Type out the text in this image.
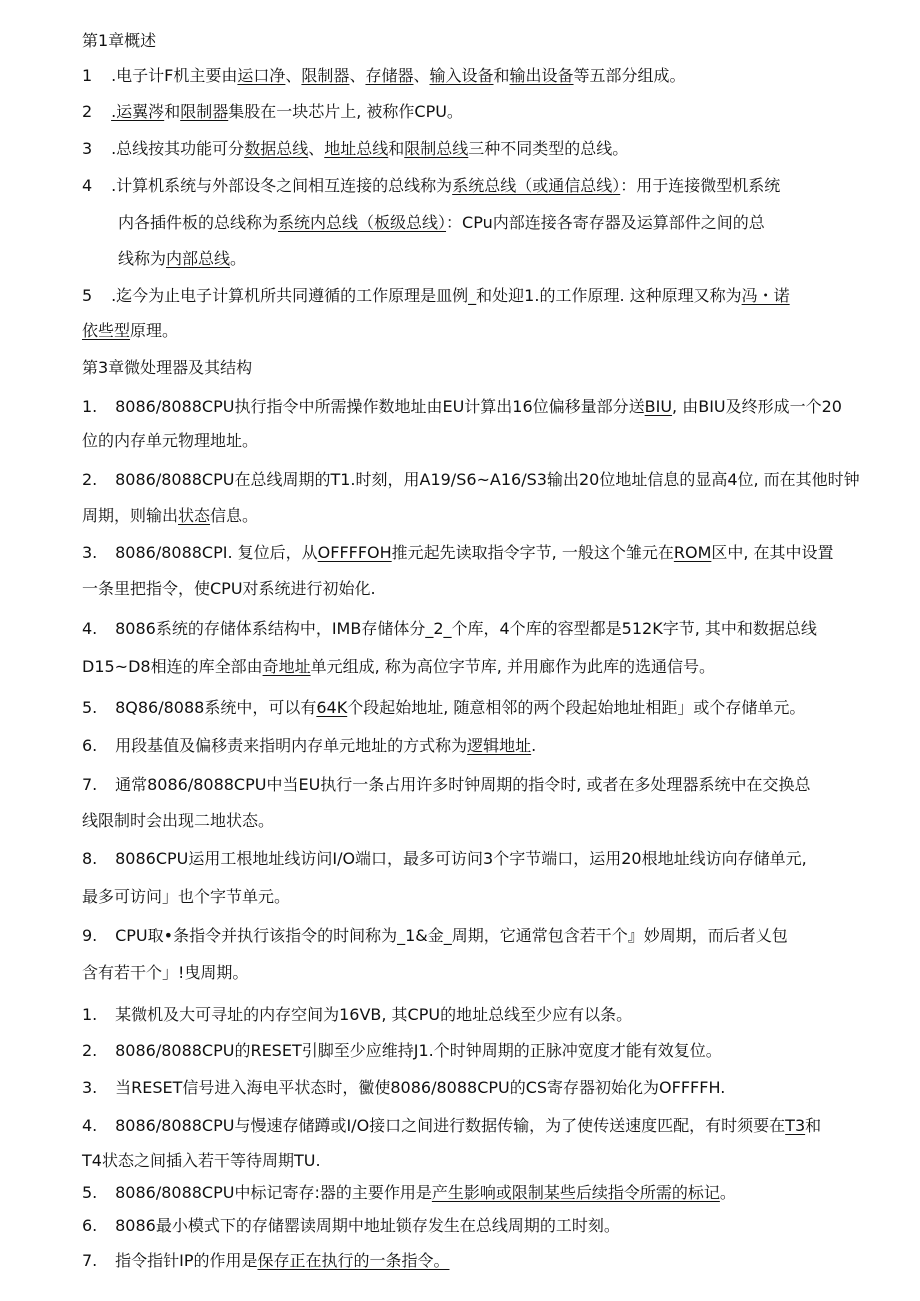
第1章概述
1 .电子计F机主要由运口净、限制器、存储器、输入设备和输出设备等五部分组成。
2 .运翼涔和限制器集股在一块芯片上, 被称作CPU。
3 .总线按其功能可分数据总线、地址总线和限制总线三种不同类型的总线。
4 .计算机系统与外部设冬之间相互连接的总线称为系统总线（或通信总线）：用于连接微型机系统
内各插件板的总线称为系统内总线（板级总线）：CPu内部连接各寄存器及运算部件之间的总
线称为内部总线。
5 .迄今为止电子计算机所共同遵循的工作原理是皿例_和处迎1.的工作原理. 这种原理又称为冯・诺
依些型原理。
第3章微处理器及其结构
1. 8086/8088CPU执行指令中所需操作数地址由EU计算出16位偏移量部分送BIU, 由BIU及终形成一个20
位的内存单元物理地址。
2. 8086/8088CPU在总线周期的T1.时刻，用A19/S6~A16/S3输出20位地址信息的显高4位, 而在其他时钟
周期，则输出状态信息。
3. 8086/8088CPI. 复位后，从OFFFFOH推元起先读取指令字节, 一般这个雏元在ROM区中, 在其中设置
一条里把指令，使CPU对系统进行初始化.
4. 8086系统的存储体系结构中，IMB存储体分_2_个库，4个库的容型都是512K字节, 其中和数据总线
D15~D8相连的库全部由奇地址单元组成, 称为高位字节库, 并用廊作为此库的选通信号。
5. 8Q86/8088系统中，可以有64K个段起始地址, 随意相邻的两个段起始地址相距」或个存储单元。
6. 用段基值及偏移责来指明内存单元地址的方式称为逻辑地址.
7. 通常8086/8088CPU中当EU执行一条占用许多时钟周期的指令时, 或者在多处理器系统中在交换总
线限制时会出现二地状态。
8. 8086CPU运用工根地址线访问I/O端口，最多可访问3个字节端口，运用20根地址线访向存储单元,
最多可访问」也个字节单元。
9. CPU取•条指令并执行该指令的时间称为_1&金_周期，它通常包含若干个』妙周期，而后者乂包
含有若干个」!曳周期。
1. 某微机及大可寻址的内存空间为16VB, 其CPU的地址总线至少应有以条。
2. 8086/8088CPU的RESET引脚至少应维持J1.个时钟周期的正脉冲宽度才能有效复位。
3. 当RESET信号进入海电平状态时，黴使8086/8088CPU的CS寄存器初始化为OFFFFH.
4. 8086/8088CPU与慢速存储蹲或I/O接口之间进行数据传输，为了使传送速度匹配，有时须要在T3和
T4状态之间插入若干等待周期TU.
5. 8086/8088CPU中标记寄存:器的主要作用是产生影响或限制某些后续指令所需的标记。
6. 8086最小模式下的存储罂读周期中地址锁存发生在总线周期的工时刻。
7. 指令指针IP的作用是保存正在执行的一条指令。
